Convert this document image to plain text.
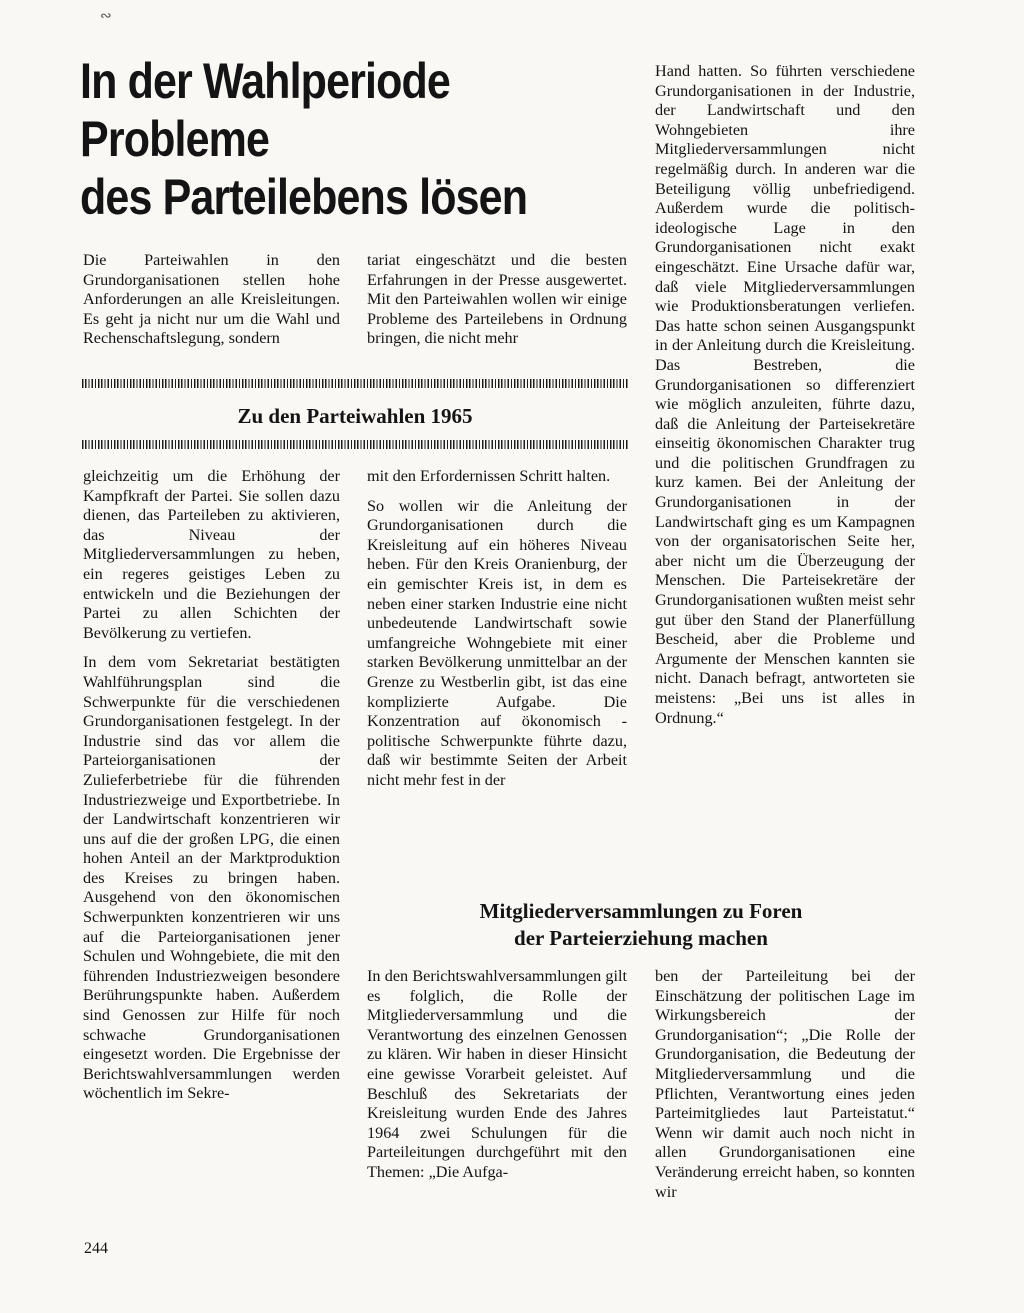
∾
In der Wahlperiode
Probleme
des Parteilebens lösen

Die Parteiwahlen in den Grundorganisationen stellen hohe Anforderungen an alle Kreisleitungen. Es geht ja nicht nur um die Wahl und Rechenschaftslegung, sondern

tariat eingeschätzt und die besten Erfahrungen in der Presse ausgewertet. Mit den Parteiwahlen wollen wir einige Probleme des Parteilebens in Ordnung bringen, die nicht mehr

Zu den Parteiwahlen 1965

gleichzeitig um die Erhöhung der Kampfkraft der Partei. Sie sollen dazu dienen, das Parteileben zu aktivieren, das Niveau der Mitgliederversammlungen zu heben, ein regeres geistiges Leben zu entwickeln und die Beziehungen der Partei zu allen Schichten der Bevölkerung zu vertiefen.

In dem vom Sekretariat bestätigten Wahlführungsplan sind die Schwerpunkte für die verschiedenen Grundorganisationen festgelegt. In der Industrie sind das vor allem die Parteiorganisationen der Zulieferbetriebe für die führenden Industriezweige und Exportbetriebe. In der Landwirtschaft konzentrieren wir uns auf die der großen LPG, die einen hohen Anteil an der Marktproduktion des Kreises zu bringen haben. Ausgehend von den ökonomischen Schwerpunkten konzentrieren wir uns auf die Parteiorganisationen jener Schulen und Wohngebiete, die mit den führenden Industriezweigen besondere Berührungspunkte haben. Außerdem sind Genossen zur Hilfe für noch schwache Grundorganisationen eingesetzt worden. Die Ergebnisse der Berichtswahlversammlungen werden wöchentlich im Sekre-

mit den Erfordernissen Schritt halten.

So wollen wir die Anleitung der Grundorganisationen durch die Kreisleitung auf ein höheres Niveau heben. Für den Kreis Oranienburg, der ein gemischter Kreis ist, in dem es neben einer starken Industrie eine nicht unbedeutende Landwirtschaft sowie umfangreiche Wohngebiete mit einer starken Bevölkerung unmittelbar an der Grenze zu Westberlin gibt, ist das eine komplizierte Aufgabe. Die Konzentration auf ökonomisch - politische Schwerpunkte führte dazu, daß wir bestimmte Seiten der Arbeit nicht mehr fest in der

Hand hatten. So führten verschiedene Grundorganisationen in der Industrie, der Landwirtschaft und den Wohngebieten ihre Mitgliederversammlungen nicht regelmäßig durch. In anderen war die Beteiligung völlig unbefriedigend. Außerdem wurde die politisch-ideologische Lage in den Grundorganisationen nicht exakt eingeschätzt. Eine Ursache dafür war, daß viele Mitgliederversammlungen wie Produktionsberatungen verliefen. Das hatte schon seinen Ausgangspunkt in der Anleitung durch die Kreisleitung. Das Bestreben, die Grundorganisationen so differenziert wie möglich anzuleiten, führte dazu, daß die Anleitung der Parteisekretäre einseitig ökonomischen Charakter trug und die politischen Grundfragen zu kurz kamen. Bei der Anleitung der Grundorganisationen in der Landwirtschaft ging es um Kampagnen von der organisatorischen Seite her, aber nicht um die Überzeugung der Menschen. Die Parteisekretäre der Grundorganisationen wußten meist sehr gut über den Stand der Planerfüllung Bescheid, aber die Probleme und Argumente der Menschen kannten sie nicht. Danach befragt, antworteten sie meistens: „Bei uns ist alles in Ordnung.“

Mitgliederversammlungen zu Foren
der Parteierziehung machen

In den Berichtswahlversammlungen gilt es folglich, die Rolle der Mitgliederversammlung und die Verantwortung des einzelnen Genossen zu klären. Wir haben in dieser Hinsicht eine gewisse Vorarbeit geleistet. Auf Beschluß des Sekretariats der Kreisleitung wurden Ende des Jahres 1964 zwei Schulungen für die Parteileitungen durchgeführt mit den Themen: „Die Aufga-

ben der Parteileitung bei der Einschätzung der politischen Lage im Wirkungsbereich der Grundorganisation“; „Die Rolle der Grundorganisation, die Bedeutung der Mitgliederversammlung und die Pflichten, Verantwortung eines jeden Parteimitgliedes laut Parteistatut.“ Wenn wir damit auch noch nicht in allen Grundorganisationen eine Veränderung erreicht haben, so konnten wir

244
